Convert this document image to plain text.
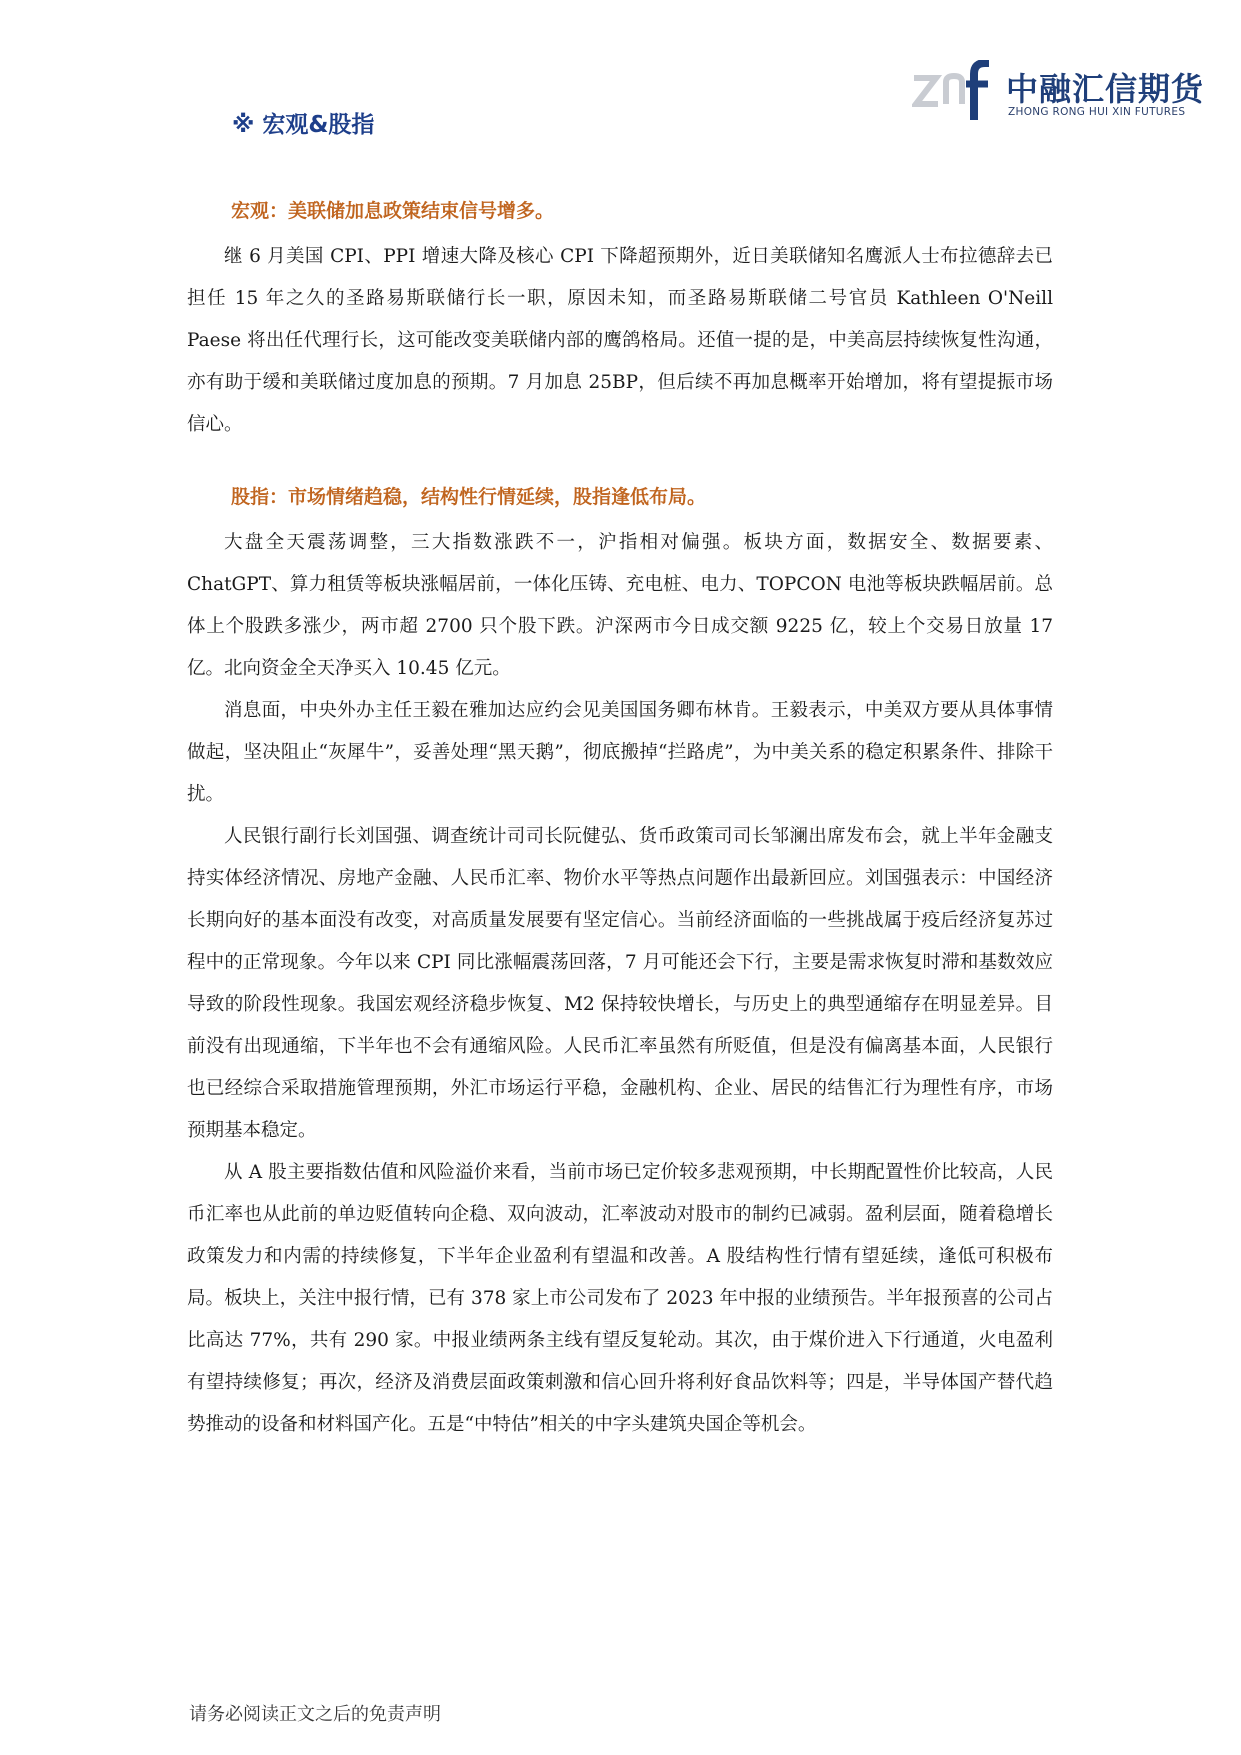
中融汇信期货
ZHONG RONG HUI XIN FUTURES
※ 宏观&股指
宏观：美联储加息政策结束信号增多。

继 6 月美国 CPI、PPI 增速大降及核心 CPI 下降超预期外，近日美联储知名鹰派人士布拉德辞去已担任 15 年之久的圣路易斯联储行长一职，原因未知，而圣路易斯联储二号官员 Kathleen O'Neill Paese 将出任代理行长，这可能改变美联储内部的鹰鸽格局。还值一提的是，中美高层持续恢复性沟通，亦有助于缓和美联储过度加息的预期。7 月加息 25BP，但后续不再加息概率开始增加，将有望提振市场信心。

股指：市场情绪趋稳，结构性行情延续，股指逢低布局。

大盘全天震荡调整，三大指数涨跌不一，沪指相对偏强。板块方面，数据安全、数据要素、ChatGPT、算力租赁等板块涨幅居前，一体化压铸、充电桩、电力、TOPCON 电池等板块跌幅居前。总体上个股跌多涨少，两市超 2700 只个股下跌。沪深两市今日成交额 9225 亿，较上个交易日放量 17 亿。北向资金全天净买入 10.45 亿元。

消息面，中央外办主任王毅在雅加达应约会见美国国务卿布林肯。王毅表示，中美双方要从具体事情做起，坚决阻止“灰犀牛”，妥善处理“黑天鹅”，彻底搬掉“拦路虎”，为中美关系的稳定积累条件、排除干扰。

人民银行副行长刘国强、调查统计司司长阮健弘、货币政策司司长邹澜出席发布会，就上半年金融支持实体经济情况、房地产金融、人民币汇率、物价水平等热点问题作出最新回应。刘国强表示：中国经济长期向好的基本面没有改变，对高质量发展要有坚定信心。当前经济面临的一些挑战属于疫后经济复苏过程中的正常现象。今年以来 CPI 同比涨幅震荡回落，7 月可能还会下行，主要是需求恢复时滞和基数效应导致的阶段性现象。我国宏观经济稳步恢复、M2 保持较快增长，与历史上的典型通缩存在明显差异。目前没有出现通缩，下半年也不会有通缩风险。人民币汇率虽然有所贬值，但是没有偏离基本面，人民银行也已经综合采取措施管理预期，外汇市场运行平稳，金融机构、企业、居民的结售汇行为理性有序，市场预期基本稳定。

从 A 股主要指数估值和风险溢价来看，当前市场已定价较多悲观预期，中长期配置性价比较高，人民币汇率也从此前的单边贬值转向企稳、双向波动，汇率波动对股市的制约已减弱。盈利层面，随着稳增长政策发力和内需的持续修复，下半年企业盈利有望温和改善。A 股结构性行情有望延续，逢低可积极布局。板块上，关注中报行情，已有 378 家上市公司发布了 2023 年中报的业绩预告。半年报预喜的公司占比高达 77%，共有 290 家。中报业绩两条主线有望反复轮动。其次，由于煤价进入下行通道，火电盈利有望持续修复；再次，经济及消费层面政策刺激和信心回升将利好食品饮料等；四是，半导体国产替代趋势推动的设备和材料国产化。五是“中特估”相关的中字头建筑央国企等机会。

请务必阅读正文之后的免责声明
